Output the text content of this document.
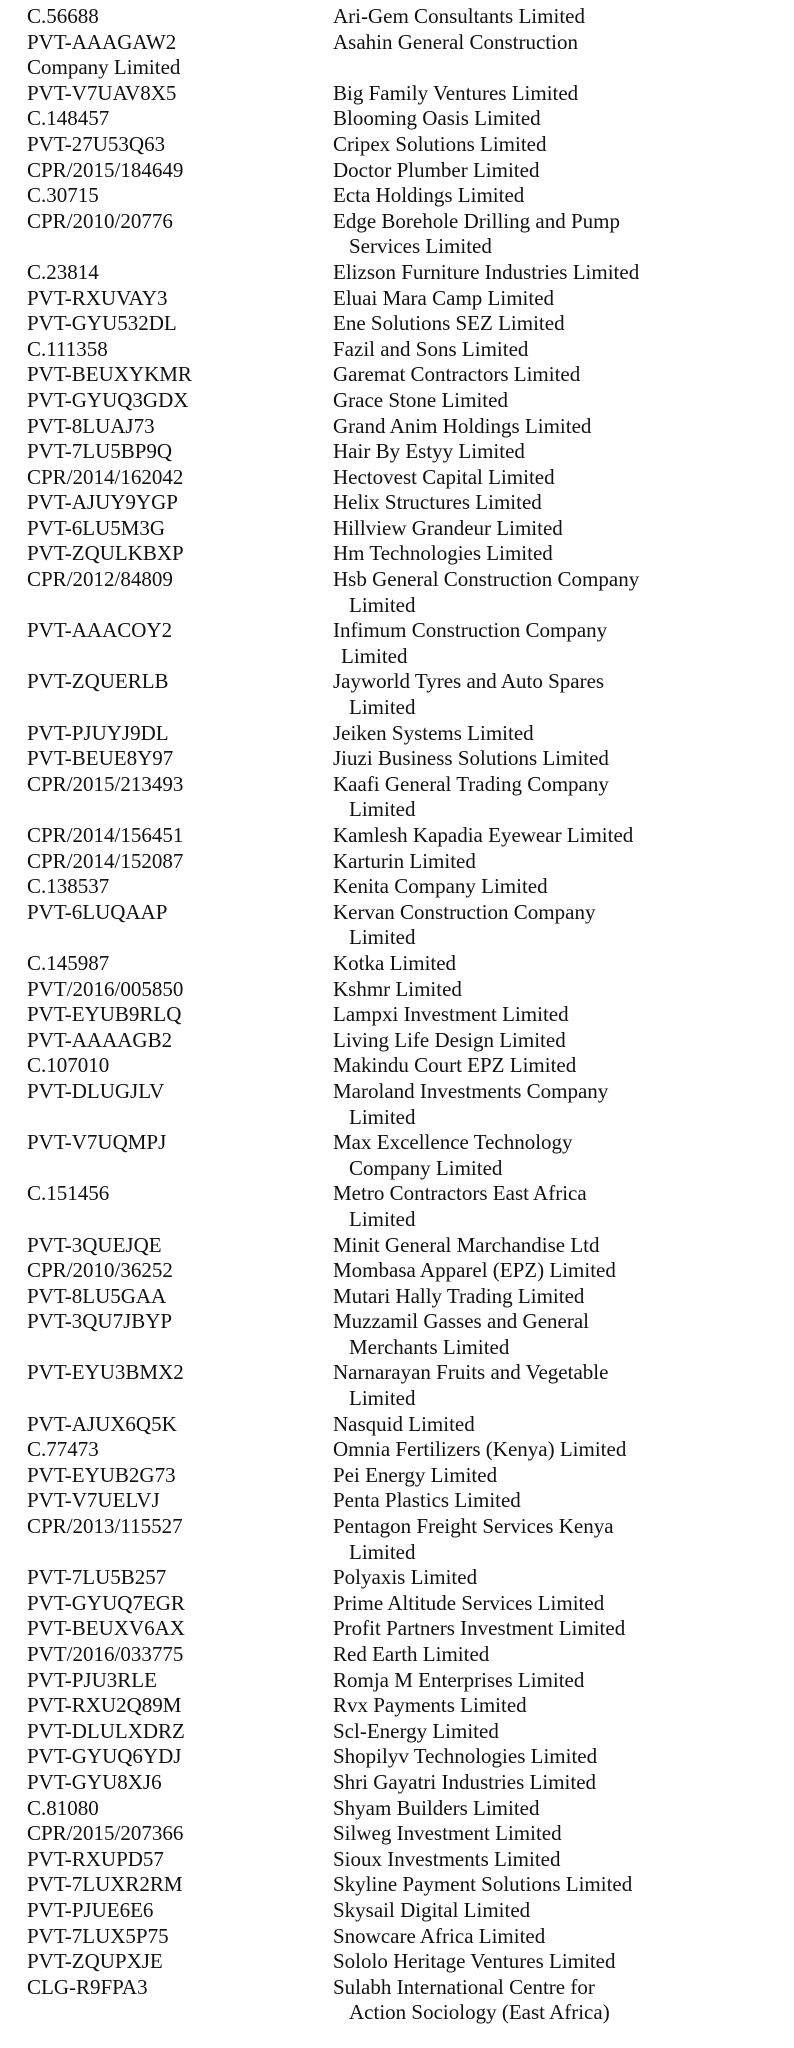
C.56688	Ari-Gem Consultants Limited
PVT-AAAGAW2	Asahin General Construction
Company Limited
PVT-V7UAV8X5	Big Family Ventures Limited
C.148457	Blooming Oasis Limited
PVT-27U53Q63	Cripex Solutions Limited
CPR/2015/184649	Doctor Plumber Limited
C.30715	Ecta Holdings Limited
CPR/2010/20776	Edge Borehole Drilling and Pump
Services Limited
C.23814	Elizson Furniture Industries Limited
PVT-RXUVAY3	Eluai Mara Camp Limited
PVT-GYU532DL	Ene Solutions SEZ Limited
C.111358	Fazil and Sons Limited
PVT-BEUXYKMR	Garemat Contractors Limited
PVT-GYUQ3GDX	Grace Stone Limited
PVT-8LUAJ73	Grand Anim Holdings Limited
PVT-7LU5BP9Q	Hair By Estyy Limited
CPR/2014/162042	Hectovest Capital Limited
PVT-AJUY9YGP	Helix Structures Limited
PVT-6LU5M3G	Hillview Grandeur Limited
PVT-ZQULKBXP	Hm Technologies Limited
CPR/2012/84809	Hsb General Construction Company
Limited
PVT-AAACOY2	Infimum Construction Company
Limited
PVT-ZQUERLB	Jayworld Tyres and Auto Spares
Limited
PVT-PJUYJ9DL	Jeiken Systems Limited
PVT-BEUE8Y97	Jiuzi Business Solutions Limited
CPR/2015/213493	Kaafi General Trading Company
Limited
CPR/2014/156451	Kamlesh Kapadia Eyewear Limited
CPR/2014/152087	Karturin Limited
C.138537	Kenita Company Limited
PVT-6LUQAAP	Kervan Construction Company
Limited
C.145987	Kotka Limited
PVT/2016/005850	Kshmr Limited
PVT-EYUB9RLQ	Lampxi Investment Limited
PVT-AAAAGB2	Living Life Design Limited
C.107010	Makindu Court EPZ Limited
PVT-DLUGJLV	Maroland Investments Company
Limited
PVT-V7UQMPJ	Max Excellence Technology
Company Limited
C.151456	Metro Contractors East Africa
Limited
PVT-3QUEJQE	Minit General Marchandise Ltd
CPR/2010/36252	Mombasa Apparel (EPZ) Limited
PVT-8LU5GAA	Mutari Hally Trading Limited
PVT-3QU7JBYP	Muzzamil Gasses and General
Merchants Limited
PVT-EYU3BMX2	Narnarayan Fruits and Vegetable
Limited
PVT-AJUX6Q5K	Nasquid Limited
C.77473	Omnia Fertilizers (Kenya) Limited
PVT-EYUB2G73	Pei Energy Limited
PVT-V7UELVJ	Penta Plastics Limited
CPR/2013/115527	Pentagon Freight Services Kenya
Limited
PVT-7LU5B257	Polyaxis Limited
PVT-GYUQ7EGR	Prime Altitude Services Limited
PVT-BEUXV6AX	Profit Partners Investment Limited
PVT/2016/033775	Red Earth Limited
PVT-PJU3RLE	Romja M Enterprises Limited
PVT-RXU2Q89M	Rvx Payments Limited
PVT-DLULXDRZ	Scl-Energy Limited
PVT-GYUQ6YDJ	Shopilyv Technologies Limited
PVT-GYU8XJ6	Shri Gayatri Industries Limited
C.81080	Shyam Builders Limited
CPR/2015/207366	Silweg Investment Limited
PVT-RXUPD57	Sioux Investments Limited
PVT-7LUXR2RM	Skyline Payment Solutions Limited
PVT-PJUE6E6	Skysail Digital Limited
PVT-7LUX5P75	Snowcare Africa Limited
PVT-ZQUPXJE	Sololo Heritage Ventures Limited
CLG-R9FPA3	Sulabh International Centre for
Action Sociology (East Africa)
